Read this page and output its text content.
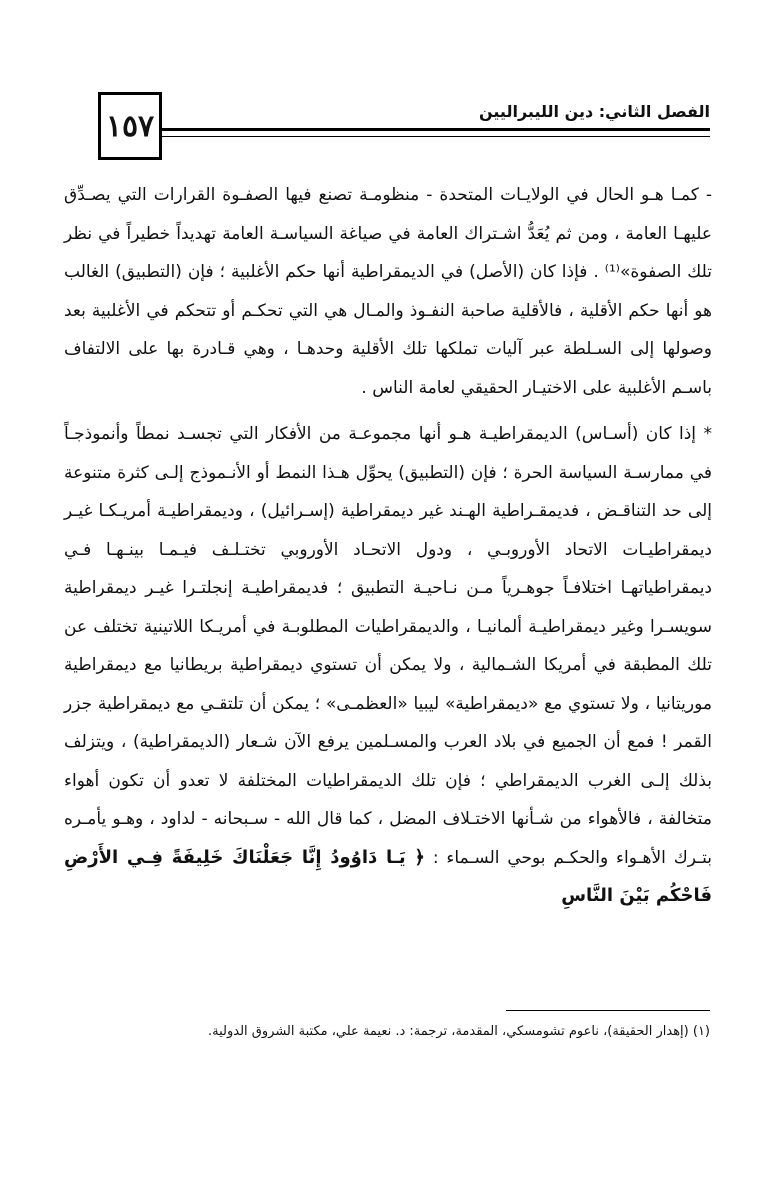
١٥٧	الفصل الثاني: دين الليبراليين

- كمـا هـو الحال في الولايـات المتحدة - منظومـة تصنع فيها الصفـوة القرارات التي يصـدِّق عليهـا العامة ، ومن ثم يُعَدُّ اشـتراك العامة في صياغة السياسـة العامة تهديداً خطيراً في نظر تلك الصفوة»⁽¹⁾ . فإذا كان (الأصل) في الديمقراطية أنها حكم الأغلبية ؛ فإن (التطبيق) الغالب هو أنها حكم الأقلية ، فالأقلية صاحبة النفـوذ والمـال هي التي تحكـم أو تتحكم في الأغلبية بعد وصولها إلى السـلطة عبر آليات تملكها تلك الأقلية وحدهـا ، وهي قـادرة بها على الالتفاف باسـم الأغلبية على الاختيـار الحقيقي لعامة الناس .

* إذا كان (أسـاس) الديمقراطيـة هـو أنها مجموعـة من الأفكار التي تجسـد نمطاً وأنموذجـاً في ممارسـة السياسة الحرة ؛ فإن (التطبيق) يحوِّل هـذا النمط أو الأنـموذج إلـى كثرة متنوعة إلى حد التناقـض ، فديمقـراطية الهـند غير ديمقراطية (إسـرائيل) ، وديمقراطيـة أمريـكـا غيـر ديمقراطيـات الاتحاد الأوروبـي ، ودول الاتحـاد الأوروبي تختـلـف فيـمـا بينـهـا فـي ديمقراطياتهـا اختلافـاً جوهـرياً مـن نـاحيـة التطبيق ؛ فديمقراطيـة إنجلتـرا غيـر ديمقراطية سويسـرا وغير ديمقراطيـة ألمانيـا ، والديمقراطيات المطلوبـة في أمريـكا اللاتينية تختلف عن تلك المطبقة في أمريكا الشـمالية ، ولا يمكن أن تستوي ديمقراطية بريطانيا مع ديمقراطية موريتانيا ، ولا تستوي مع «ديمقراطية» ليبيا «العظمـى» ؛ يمكن أن تلتقـي مع ديمقراطية جزر القمر ! فمع أن الجميع في بلاد العرب والمسـلمين يرفع الآن شـعار (الديمقراطية) ، ويتزلف بذلك إلـى الغرب الديمقراطي ؛ فإن تلك الديمقراطيات المختلفة لا تعدو أن تكون أهواء متخالفة ، فالأهواء من شـأنها الاختـلاف المضل ، كما قال الله - سـبحانه - لداود ، وهـو يأمـره بتـرك الأهـواء والحكـم بوحي السـماء : ﴿ يَـا دَاوُودُ إِنَّا جَعَلْنَاكَ خَلِيفَةً فِـي الأَرْضِ فَاحْكُم بَيْنَ النَّاسِ

(١) (إهدار الحقيقة)، ناعوم تشومسكي، المقدمة، ترجمة: د. نعيمة علي، مكتبة الشروق الدولية.
